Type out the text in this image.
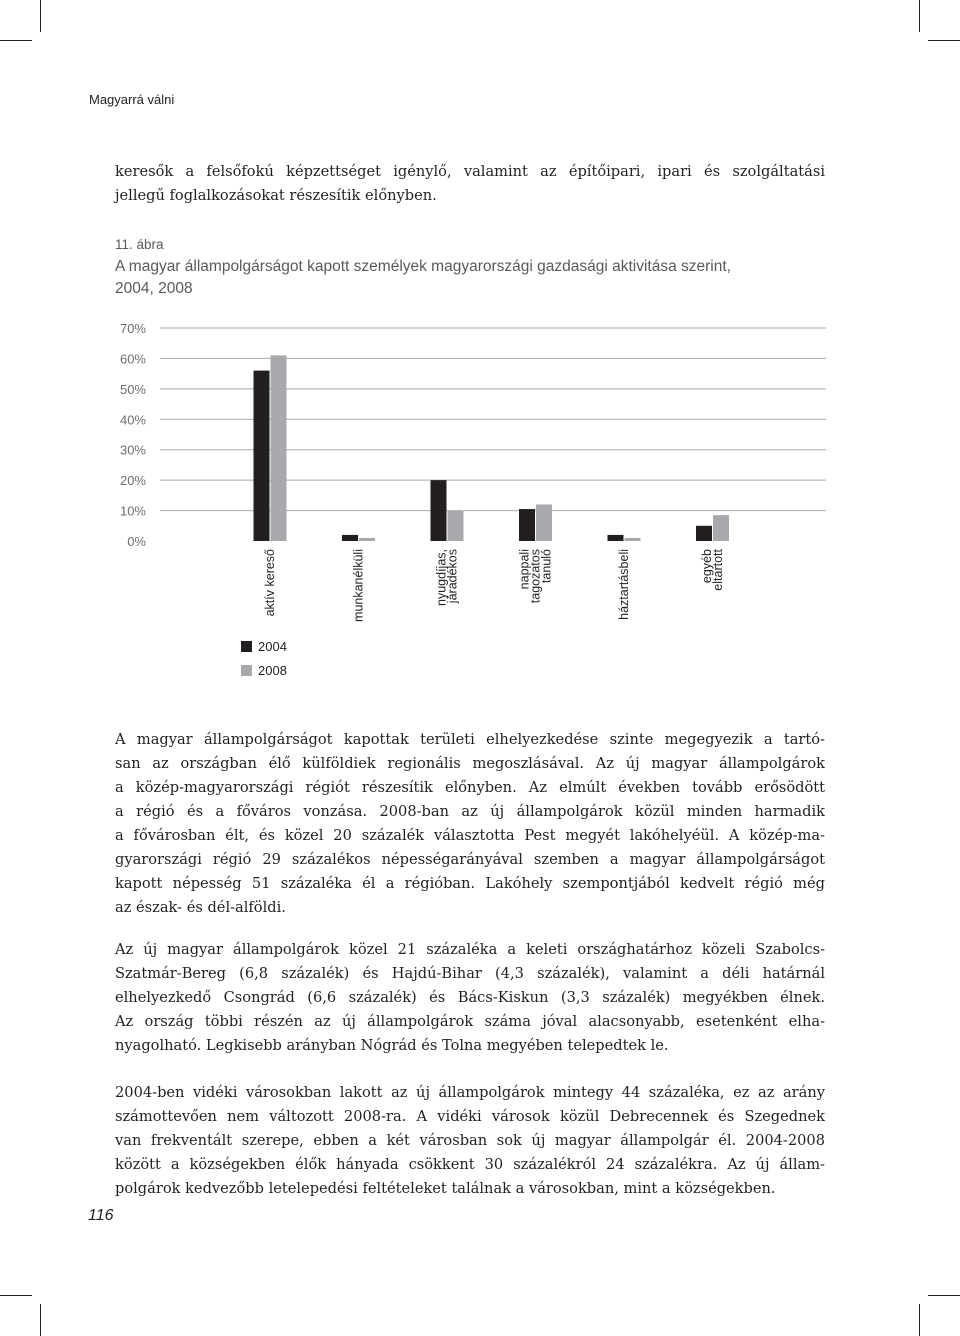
Magyarrá válni
keresők a felsőfokú képzettséget igénylő, valamint az építőipari, ipari és szolgáltatási
jellegű foglalkozásokat részesítik előnyben.
11. ábra
A magyar állampolgárságot kapott személyek magyarországi gazdasági aktivitása szerint,
2004, 2008
0%
10%
20%
30%
40%
50%
60%
70%
aktív kereső	munkanélküli	nyugdíjas,
járadékos	nappali
tagozatos
tanuló	háztartásbeli	egyéb
eltartott
2004
2008
A magyar állampolgárságot kapottak területi elhelyezkedése szinte megegyezik a tartó-
san az országban élő külföldiek regionális megoszlásával. Az új magyar állampolgárok
a közép-magyarországi régiót részesítik előnyben. Az elmúlt években tovább erősödött
a régió és a főváros vonzása. 2008-ban az új állampolgárok közül minden harmadik
a fővárosban élt, és közel 20 százalék választotta Pest megyét lakóhelyéül. A közép-ma-
gyarországi régió 29 százalékos népességarányával szemben a magyar állampolgárságot
kapott népesség 51 százaléka él a régióban. Lakóhely szempontjából kedvelt régió még
az észak- és dél-alföldi.
Az új magyar állampolgárok közel 21 százaléka a keleti országhatárhoz közeli Szabolcs-
Szatmár-Bereg (6,8 százalék) és Hajdú-Bihar (4,3 százalék), valamint a déli határnál
elhelyezkedő Csongrád (6,6 százalék) és Bács-Kiskun (3,3 százalék) megyékben élnek.
Az ország többi részén az új állampolgárok száma jóval alacsonyabb, esetenként elha-
nyagolható. Legkisebb arányban Nógrád és Tolna megyében telepedtek le.
2004-ben vidéki városokban lakott az új állampolgárok mintegy 44 százaléka, ez az arány
számottevően nem változott 2008-ra. A vidéki városok közül Debrecennek és Szegednek
van frekventált szerepe, ebben a két városban sok új magyar állampolgár él. 2004-2008
között a községekben élők hányada csökkent 30 százalékról 24 százalékra. Az új állam-
polgárok kedvezőbb letelepedési feltételeket találnak a városokban, mint a községekben.
116
